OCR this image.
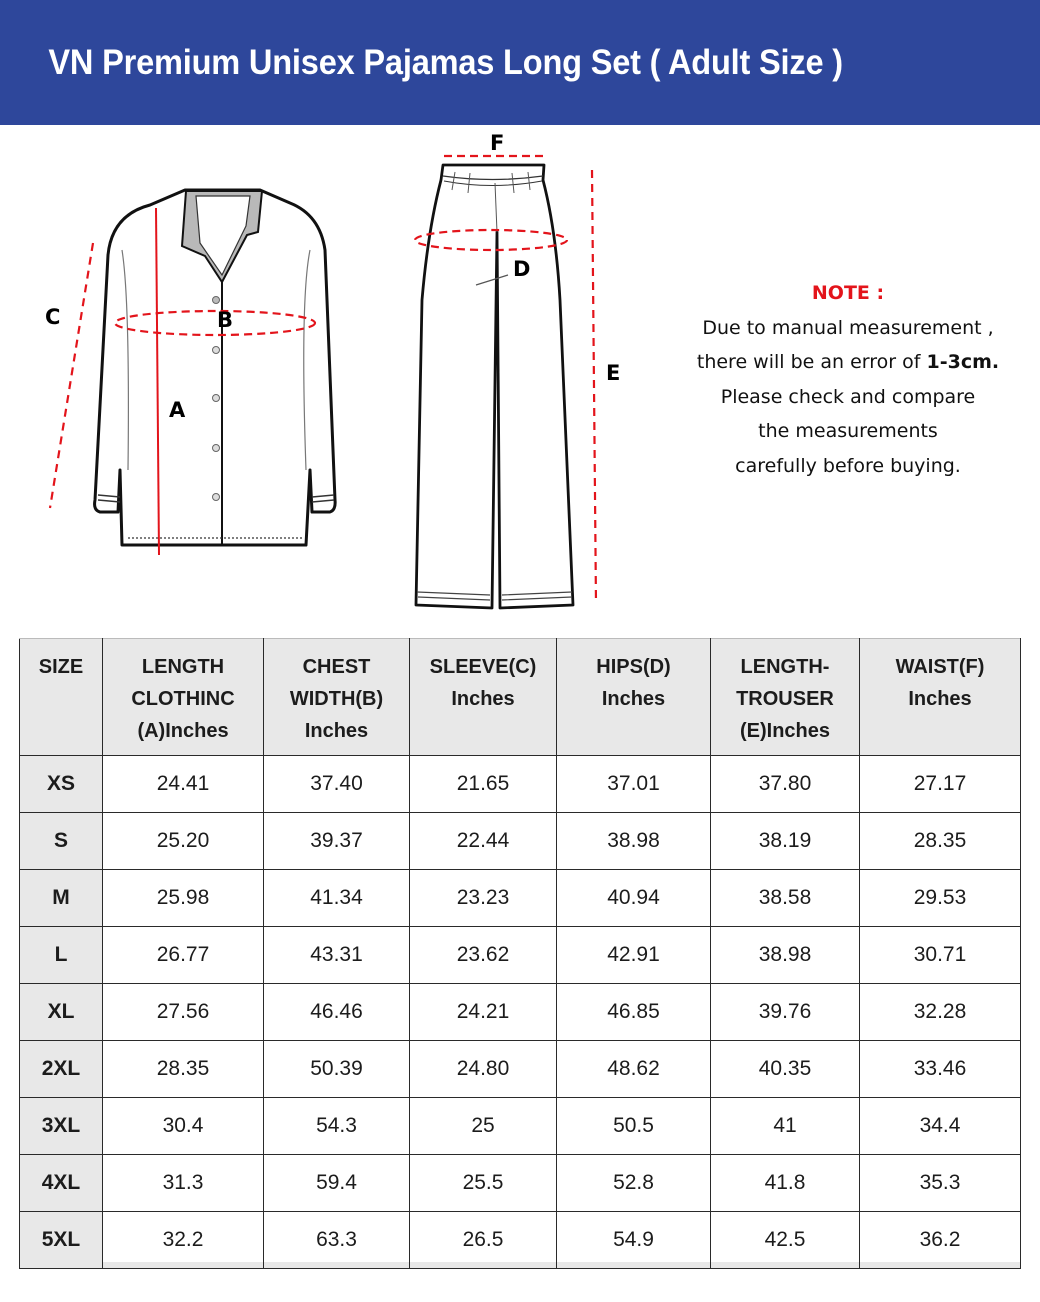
VN Premium Unisex Pajamas Long Set ( Adult Size )
C	B
A
F
D
E
NOTE :
Due to manual measurement ,
there will be an error of 1-3cm.
Please check and compare
the measurements
carefully before buying.
SIZE	LENGTH
CLOTHINC
(A)Inches	CHEST
WIDTH(B)
Inches	SLEEVE(C)
Inches	HIPS(D)
Inches	LENGTH-
TROUSER
(E)Inches	WAIST(F)
Inches

XS	24.41	37.40	21.65	37.01	37.80	27.17
S	25.20	39.37	22.44	38.98	38.19	28.35
M	25.98	41.34	23.23	40.94	38.58	29.53
L	26.77	43.31	23.62	42.91	38.98	30.71
XL	27.56	46.46	24.21	46.85	39.76	32.28
2XL	28.35	50.39	24.80	48.62	40.35	33.46
3XL	30.4	54.3	25	50.5	41	34.4
4XL	31.3	59.4	25.5	52.8	41.8	35.3
5XL	32.2	63.3	26.5	54.9	42.5	36.2
